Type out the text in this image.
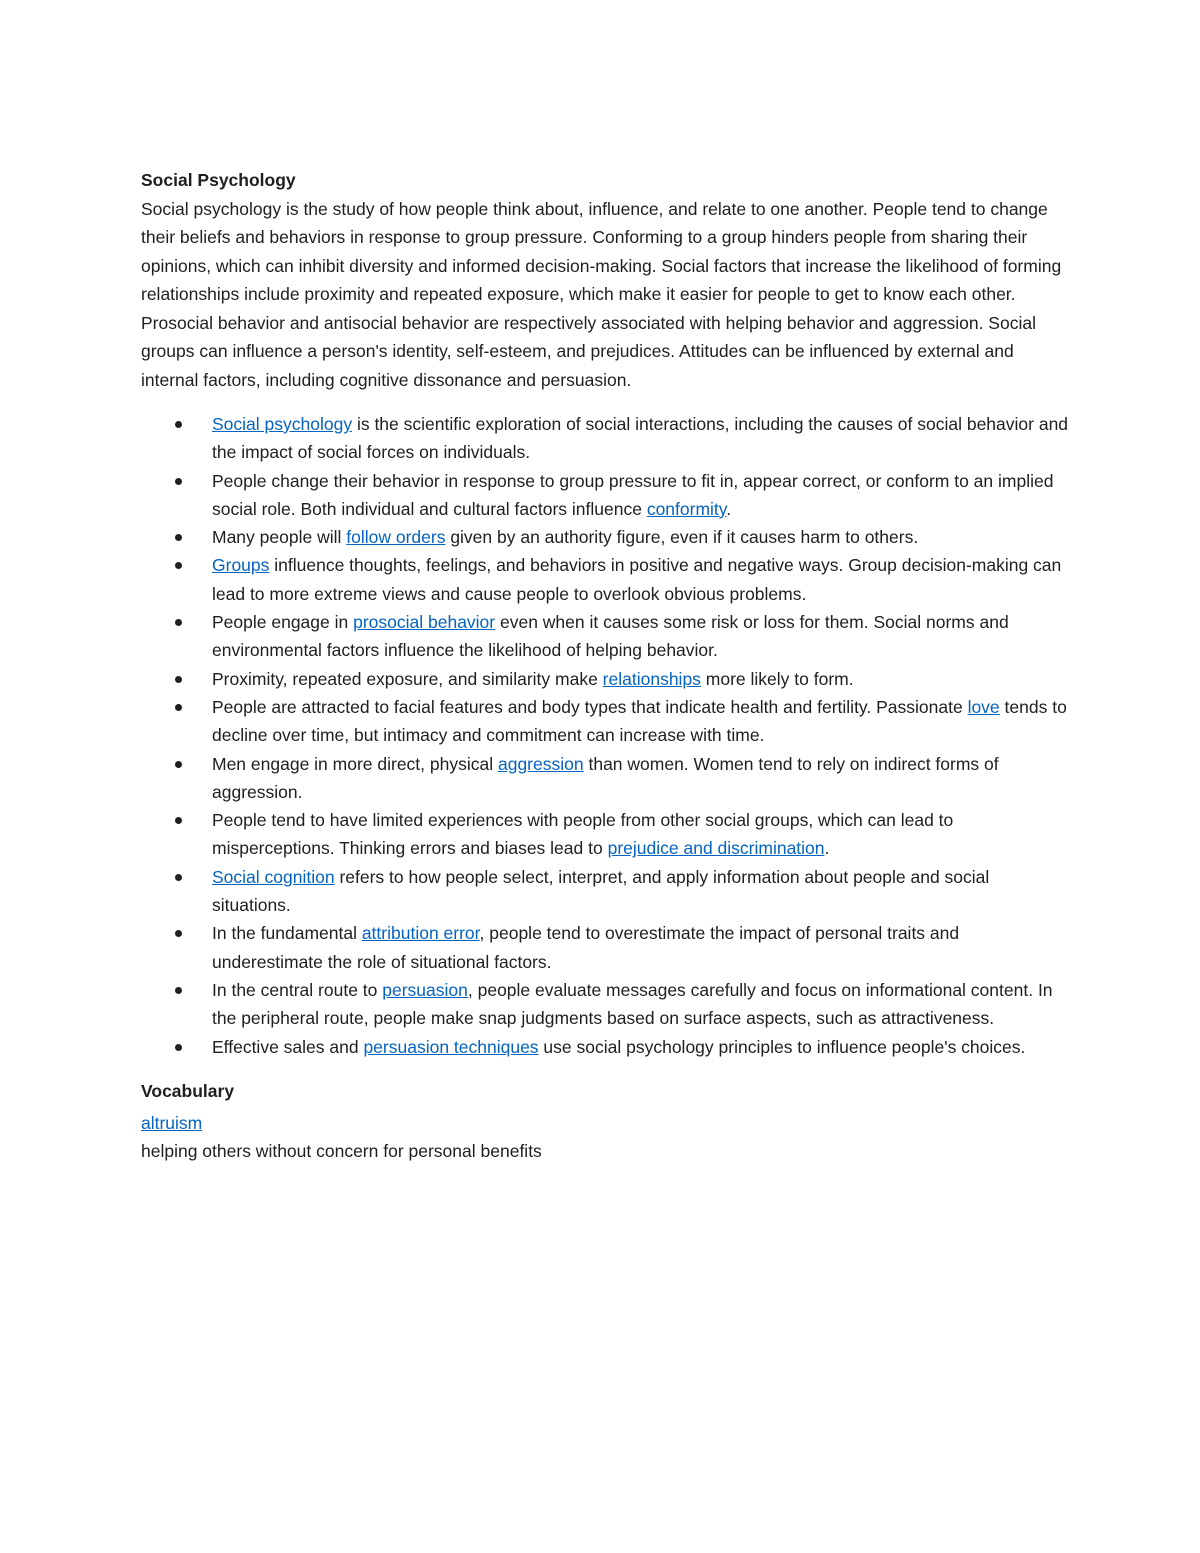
Social Psychology

Social psychology is the study of how people think about, influence, and relate to one another. People tend to change their beliefs and behaviors in response to group pressure. Conforming to a group hinders people from sharing their opinions, which can inhibit diversity and informed decision-making. Social factors that increase the likelihood of forming relationships include proximity and repeated exposure, which make it easier for people to get to know each other. Prosocial behavior and antisocial behavior are respectively associated with helping behavior and aggression. Social groups can influence a person's identity, self-esteem, and prejudices. Attitudes can be influenced by external and internal factors, including cognitive dissonance and persuasion.

Social psychology is the scientific exploration of social interactions, including the causes of social behavior and the impact of social forces on individuals.
People change their behavior in response to group pressure to fit in, appear correct, or conform to an implied social role. Both individual and cultural factors influence conformity.
Many people will follow orders given by an authority figure, even if it causes harm to others.
Groups influence thoughts, feelings, and behaviors in positive and negative ways. Group decision-making can lead to more extreme views and cause people to overlook obvious problems.
People engage in prosocial behavior even when it causes some risk or loss for them. Social norms and environmental factors influence the likelihood of helping behavior.
Proximity, repeated exposure, and similarity make relationships more likely to form.
People are attracted to facial features and body types that indicate health and fertility. Passionate love tends to decline over time, but intimacy and commitment can increase with time.
Men engage in more direct, physical aggression than women. Women tend to rely on indirect forms of aggression.
People tend to have limited experiences with people from other social groups, which can lead to misperceptions. Thinking errors and biases lead to prejudice and discrimination.
Social cognition refers to how people select, interpret, and apply information about people and social situations.
In the fundamental attribution error, people tend to overestimate the impact of personal traits and underestimate the role of situational factors.
In the central route to persuasion, people evaluate messages carefully and focus on informational content. In the peripheral route, people make snap judgments based on surface aspects, such as attractiveness.
Effective sales and persuasion techniques use social psychology principles to influence people's choices.

Vocabulary

altruism

helping others without concern for personal benefits
